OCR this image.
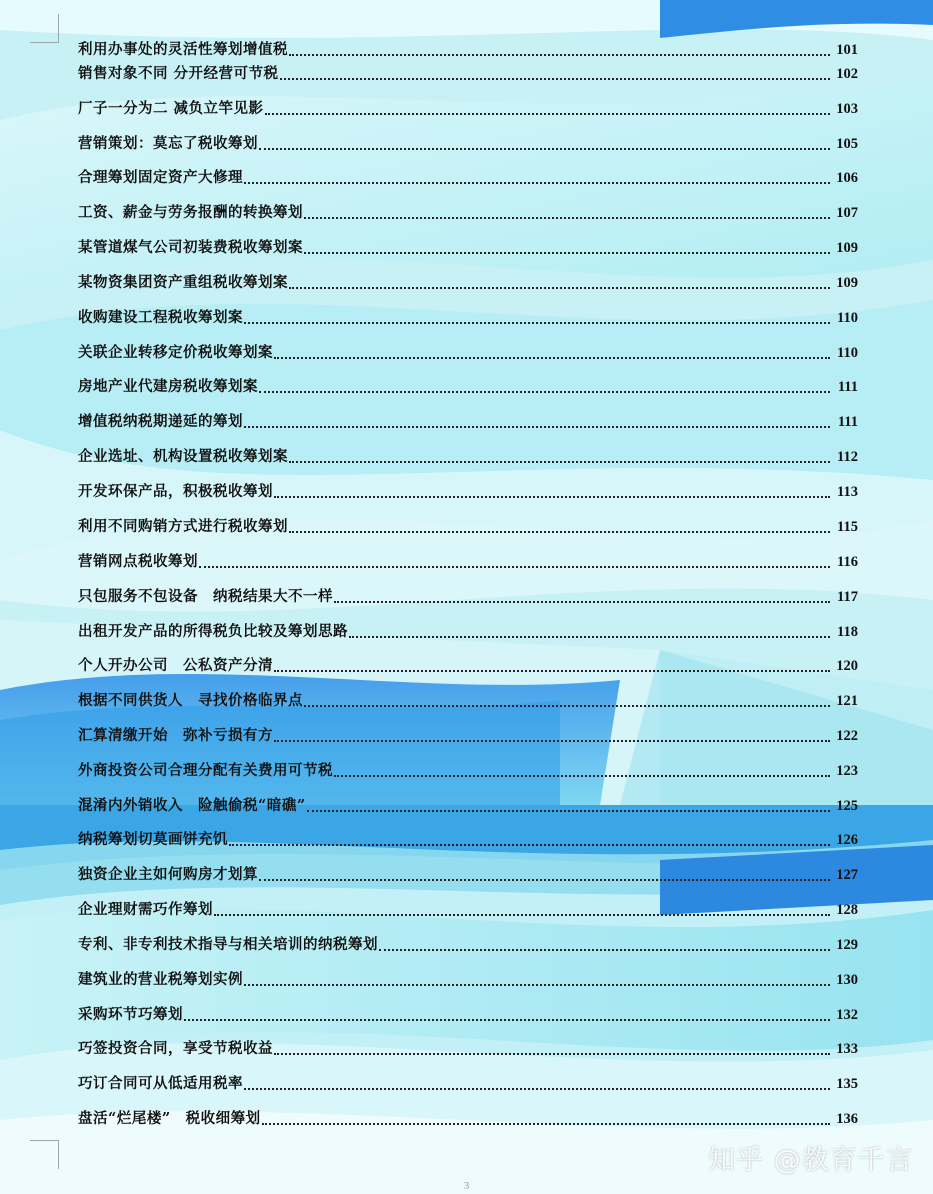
利用办事处的灵活性筹划增值税	101
销售对象不同 分开经营可节税	102
厂子一分为二 减负立竿见影	103
营销策划：莫忘了税收筹划	105
合理筹划固定资产大修理	106
工资、薪金与劳务报酬的转换筹划	107
某管道煤气公司初装费税收筹划案	109
某物资集团资产重组税收筹划案	109
收购建设工程税收筹划案	110
关联企业转移定价税收筹划案	110
房地产业代建房税收筹划案	111
增值税纳税期递延的筹划	111
企业选址、机构设置税收筹划案	112
开发环保产品，积极税收筹划	113
利用不同购销方式进行税收筹划	115
营销网点税收筹划	116
只包服务不包设备　纳税结果大不一样	117
出租开发产品的所得税负比较及筹划思路	118
个人开办公司　公私资产分清	120
根据不同供货人　寻找价格临界点	121
汇算清缴开始　弥补亏损有方	122
外商投资公司合理分配有关费用可节税	123
混淆内外销收入　险触偷税“暗礁”	125
纳税筹划切莫画饼充饥	126
独资企业主如何购房才划算	127
企业理财需巧作筹划	128
专利、非专利技术指导与相关培训的纳税筹划	129
建筑业的营业税筹划实例	130
采购环节巧筹划	132
巧签投资合同，享受节税收益	133
巧订合同可从低适用税率	135
盘活“烂尾楼”　税收细筹划	136
知乎 @教育千言
3
